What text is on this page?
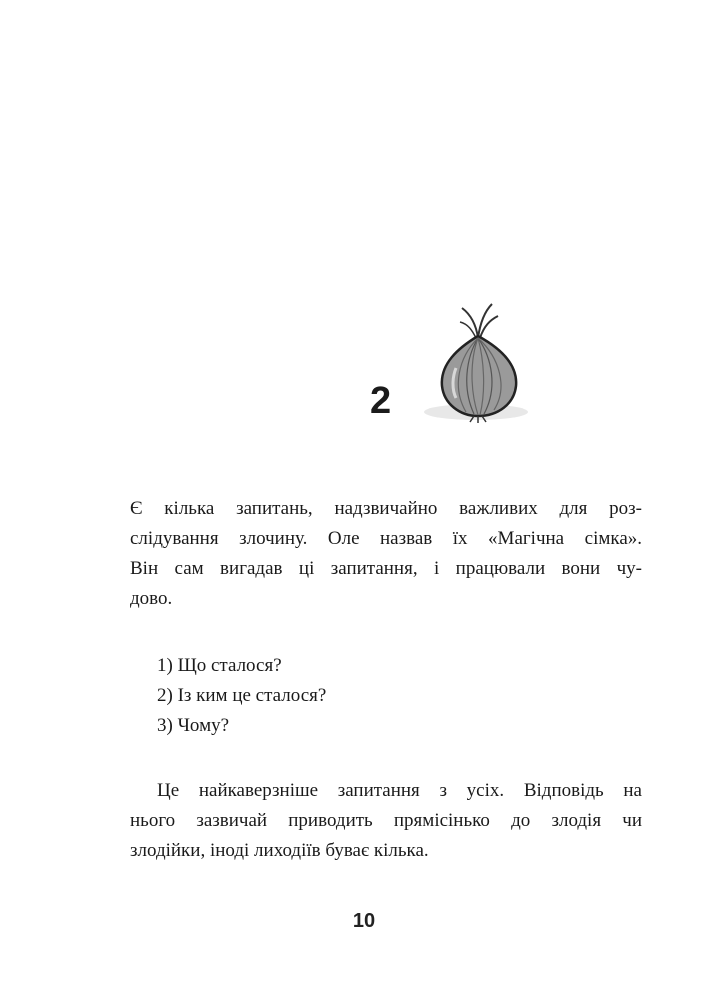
2
Є кілька запитань, надзвичайно важливих для роз-
слідування злочину. Оле назвав їх «Магічна сімка».
Він сам вигадав ці запитання, і працювали вони чу-
дово.
1) Що сталося?
2) Із ким це сталося?
3) Чому?
Це найкаверзніше запитання з усіх. Відповідь на
нього зазвичай приводить прямісінько до злодія чи
злодійки, іноді лиходіїв буває кілька.
10
